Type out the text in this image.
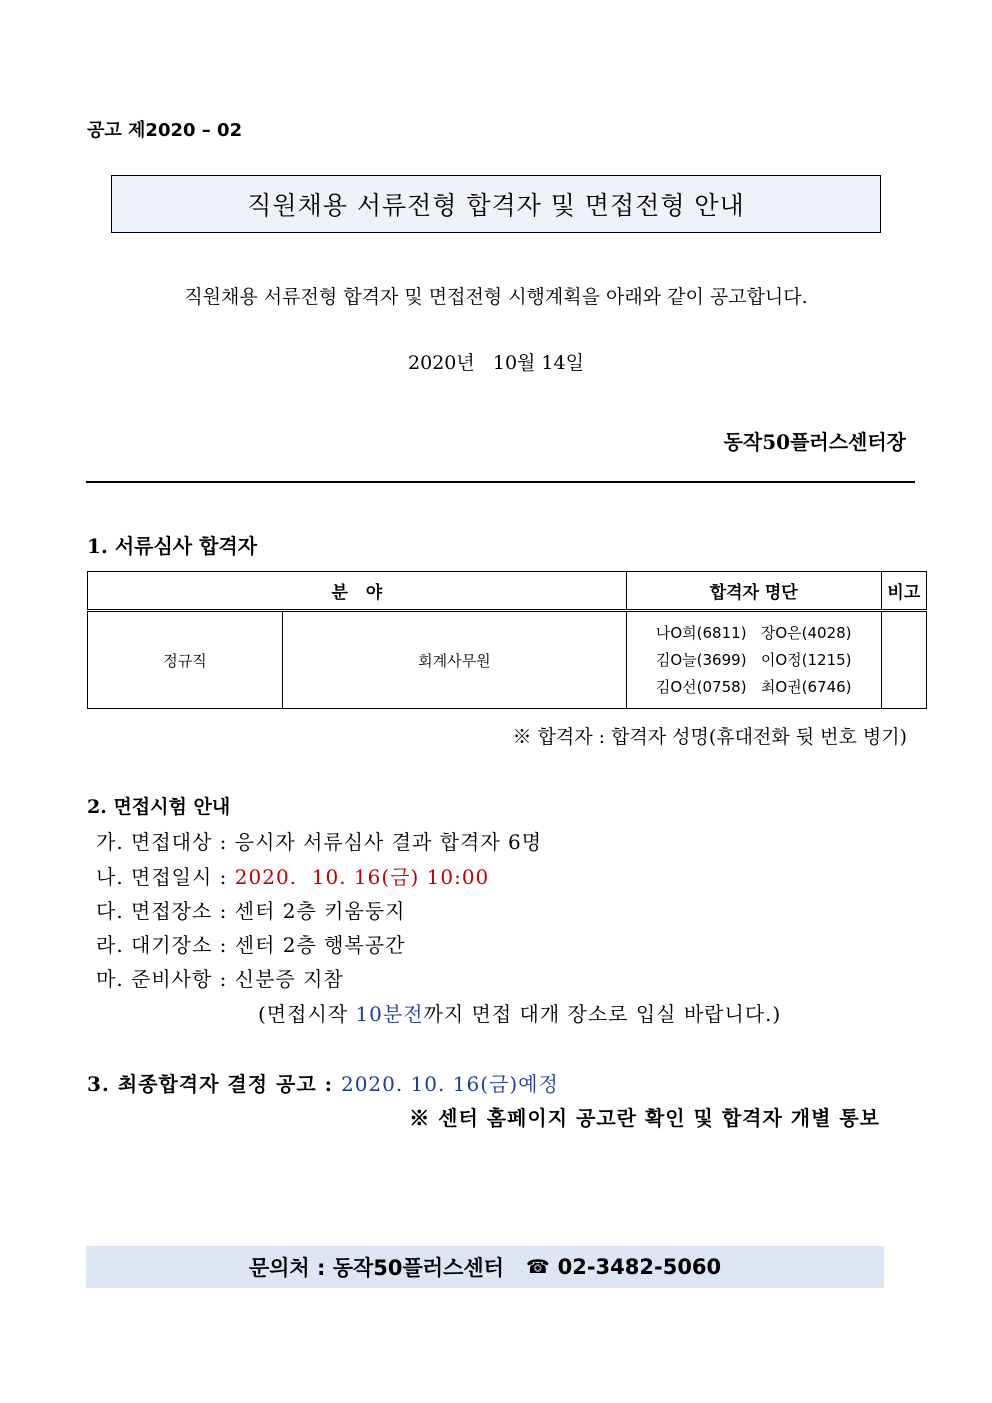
공고 제2020 – 02
직원채용 서류전형 합격자 및 면접전형 안내
직원채용 서류전형 합격자 및 면접전형 시행계획을 아래와 같이 공고합니다.
2020년   10월 14일
동작50플러스센터장
1. 서류심사 합격자
분   야		합격자 명단	비고
정규직	회계사무원	나O희(6811)   장O은(4028)
김O늘(3699)   이O정(1215)
김O선(0758)   최O권(6746)	

※ 합격자 : 합격자 성명(휴대전화 뒷 번호 병기)
2. 면접시험 안내
가. 면접대상 : 응시자 서류심사 결과 합격자 6명
나. 면접일시 : 2020.  10. 16(금) 10:00
다. 면접장소 : 센터 2층 키움둥지
라. 대기장소 : 센터 2층 행복공간
마. 준비사항 : 신분증 지참
(면접시작 10분전까지 면접 대개 장소로 입실 바랍니다.)
3. 최종합격자 결정 공고 : 2020. 10. 16(금)예정
※ 센터 홈페이지 공고란 확인 및 합격자 개별 통보
문의처 : 동작50플러스센터 ☎ 02-3482-5060
